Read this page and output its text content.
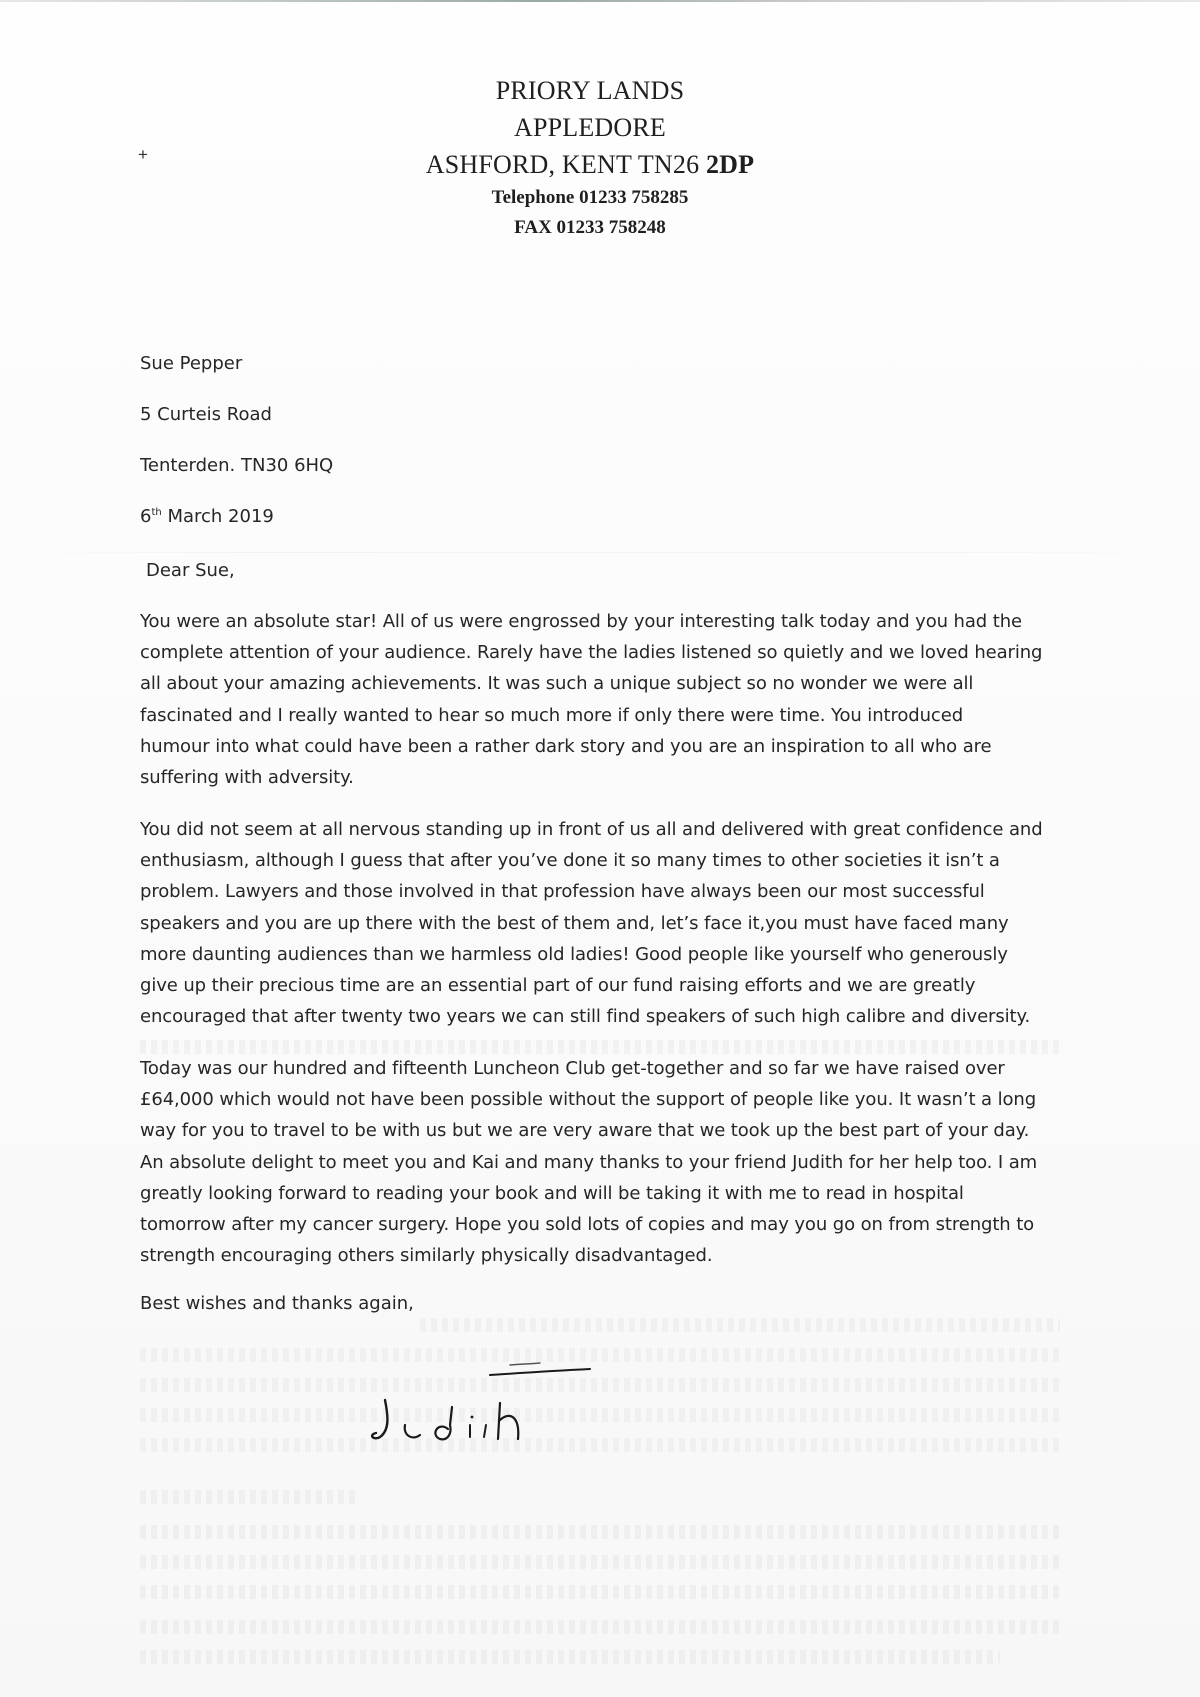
PRIORY LANDS
APPLEDORE
ASHFORD, KENT TN26 2DP
Telephone 01233 758285
FAX 01233 758248
+
Sue Pepper
5 Curteis Road
Tenterden. TN30 6HQ
6th March 2019
Dear Sue,
You were an absolute star! All of us were engrossed by your interesting talk today and you had the
complete attention of your audience. Rarely have the ladies listened so quietly and we loved hearing
all about your amazing achievements. It was such a unique subject so no wonder we were all
fascinated and I really wanted to hear so much more if only there were time. You introduced
humour into what could have been a rather dark story and you are an inspiration to all who are
suffering with adversity.
You did not seem at all nervous standing up in front of us all and delivered with great confidence and
enthusiasm, although I guess that after you’ve done it so many times to other societies it isn’t a
problem. Lawyers and those involved in that profession have always been our most successful
speakers and you are up there with the best of them and, let’s face it,you must have faced many
more daunting audiences than we harmless old ladies! Good people like yourself who generously
give up their precious time are an essential part of our fund raising efforts and we are greatly
encouraged that after twenty two years we can still find speakers of such high calibre and diversity.
Today was our hundred and fifteenth Luncheon Club get-together and so far we have raised over
£64,000 which would not have been possible without the support of people like you. It wasn’t a long
way for you to travel to be with us but we are very aware that we took up the best part of your day.
An absolute delight to meet you and Kai and many thanks to your friend Judith for her help too. I am
greatly looking forward to reading your book and will be taking it with me to read in hospital
tomorrow after my cancer surgery. Hope you sold lots of copies and may you go on from strength to
strength encouraging others similarly physically disadvantaged.
Best wishes and thanks again,
